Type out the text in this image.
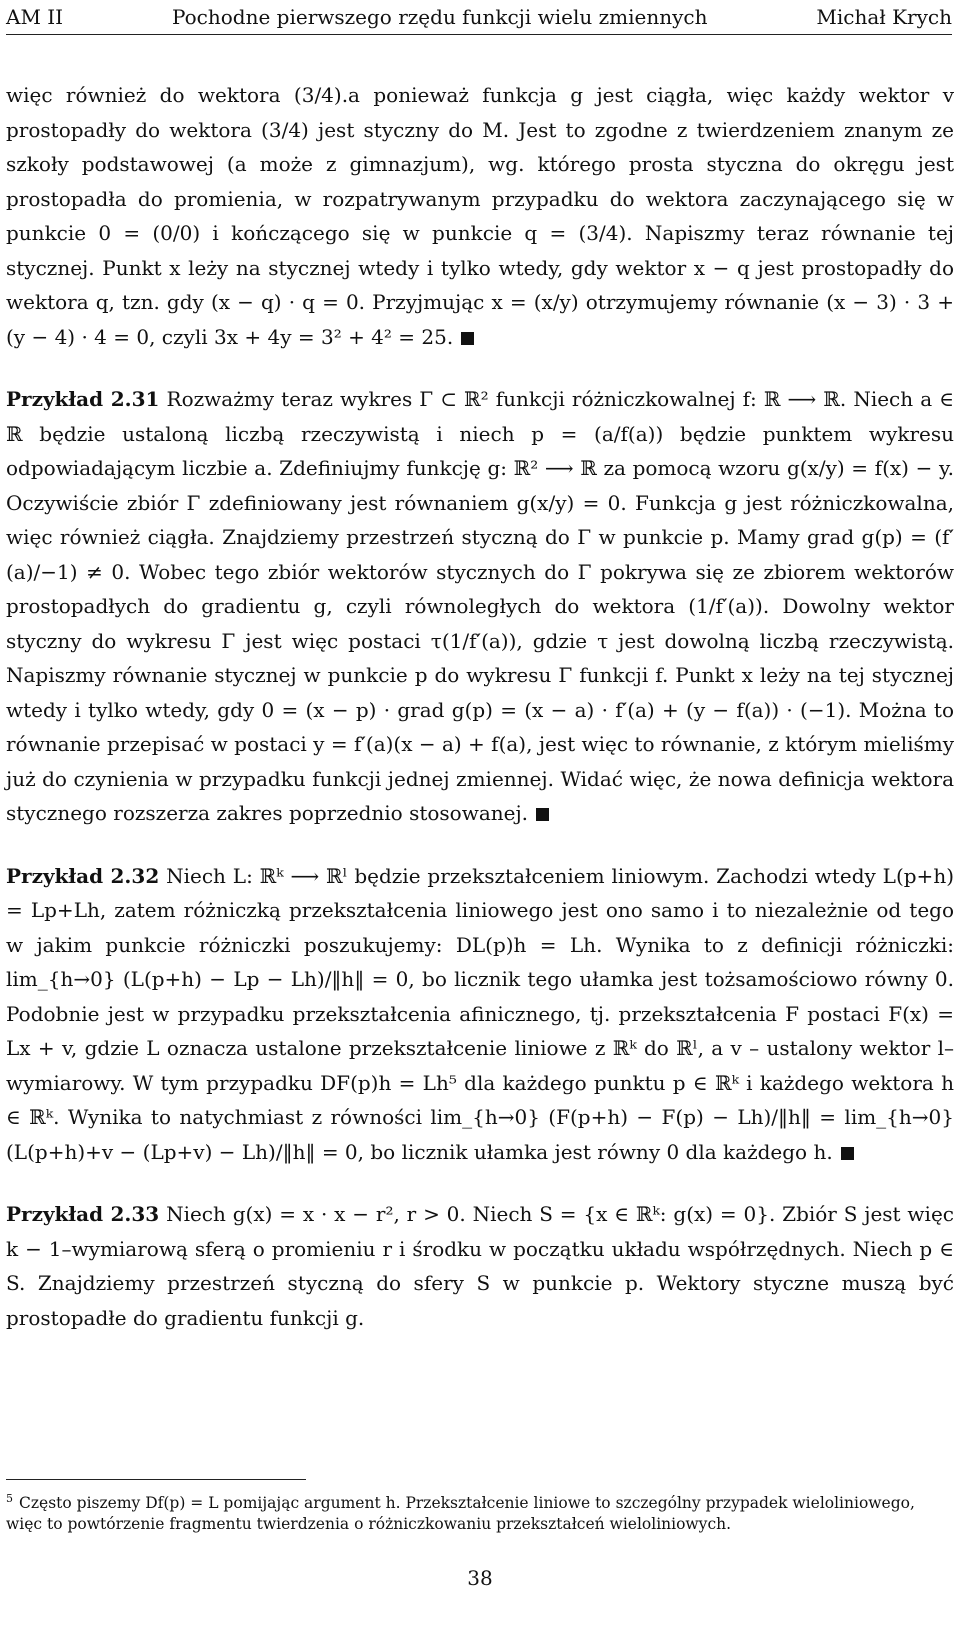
AM II	Pochodne pierwszego rzędu funkcji wielu zmiennych	Michał Krych

więc również do wektora (3/4).a ponieważ funkcja g jest ciągła, więc każdy wektor v prostopadły do wektora (3/4) jest styczny do M. Jest to zgodne z twierdzeniem znanym ze szkoły podstawowej (a może z gimnazjum), wg. którego prosta styczna do okręgu jest prostopadła do promienia, w rozpatrywanym przypadku do wektora zaczynającego się w punkcie 0 = (0/0) i kończącego się w punkcie q = (3/4). Napiszmy teraz równanie tej stycznej. Punkt x leży na stycznej wtedy i tylko wtedy, gdy wektor x − q jest prostopadły do wektora q, tzn. gdy (x − q) · q = 0. Przyjmując x = (x/y) otrzymujemy równanie (x − 3) · 3 + (y − 4) · 4 = 0, czyli 3x + 4y = 3² + 4² = 25.

Przykład 2.31 Rozważmy teraz wykres Γ ⊂ ℝ² funkcji różniczkowalnej f: ℝ ⟶ ℝ. Niech a ∈ ℝ będzie ustaloną liczbą rzeczywistą i niech p = (a/f(a)) będzie punktem wykresu odpowiadającym liczbie a. Zdefiniujmy funkcję g: ℝ² ⟶ ℝ za pomocą wzoru g(x/y) = f(x) − y. Oczywiście zbiór Γ zdefiniowany jest równaniem g(x/y) = 0. Funkcja g jest różniczkowalna, więc również ciągła. Znajdziemy przestrzeń styczną do Γ w punkcie p. Mamy grad g(p) = (f′(a)/−1) ≠ 0. Wobec tego zbiór wektorów stycznych do Γ pokrywa się ze zbiorem wektorów prostopadłych do gradientu g, czyli równoległych do wektora (1/f′(a)). Dowolny wektor styczny do wykresu Γ jest więc postaci τ(1/f′(a)), gdzie τ jest dowolną liczbą rzeczywistą. Napiszmy równanie stycznej w punkcie p do wykresu Γ funkcji f. Punkt x leży na tej stycznej wtedy i tylko wtedy, gdy 0 = (x − p) · grad g(p) = (x − a) · f′(a) + (y − f(a)) · (−1). Można to równanie przepisać w postaci y = f′(a)(x − a) + f(a), jest więc to równanie, z którym mieliśmy już do czynienia w przypadku funkcji jednej zmiennej. Widać więc, że nowa definicja wektora stycznego rozszerza zakres poprzednio stosowanej.

Przykład 2.32 Niech L: ℝᵏ ⟶ ℝˡ będzie przekształceniem liniowym. Zachodzi wtedy L(p+h) = Lp+Lh, zatem różniczką przekształcenia liniowego jest ono samo i to niezależnie od tego w jakim punkcie różniczki poszukujemy: DL(p)h = Lh. Wynika to z definicji różniczki: lim_{h→0} (L(p+h) − Lp − Lh)/‖h‖ = 0, bo licznik tego ułamka jest tożsamościowo równy 0. Podobnie jest w przypadku przekształcenia afinicznego, tj. przekształcenia F postaci F(x) = Lx + v, gdzie L oznacza ustalone przekształcenie liniowe z ℝᵏ do ℝˡ, a v – ustalony wektor l–wymiarowy. W tym przypadku DF(p)h = Lh⁵ dla każdego punktu p ∈ ℝᵏ i każdego wektora h ∈ ℝᵏ. Wynika to natychmiast z równości lim_{h→0} (F(p+h) − F(p) − Lh)/‖h‖ = lim_{h→0} (L(p+h)+v − (Lp+v) − Lh)/‖h‖ = 0, bo licznik ułamka jest równy 0 dla każdego h.

Przykład 2.33 Niech g(x) = x · x − r², r > 0. Niech S = {x ∈ ℝᵏ: g(x) = 0}. Zbiór S jest więc k − 1–wymiarową sferą o promieniu r i środku w początku układu współrzędnych. Niech p ∈ S. Znajdziemy przestrzeń styczną do sfery S w punkcie p. Wektory styczne muszą być prostopadłe do gradientu funkcji g.

$^5$ Często piszemy Df(p) = L pomijając argument h. Przekształcenie liniowe to szczególny przypadek wieloliniowego, więc to powtórzenie fragmentu twierdzenia o różniczkowaniu przekształceń wieloliniowych.
38
